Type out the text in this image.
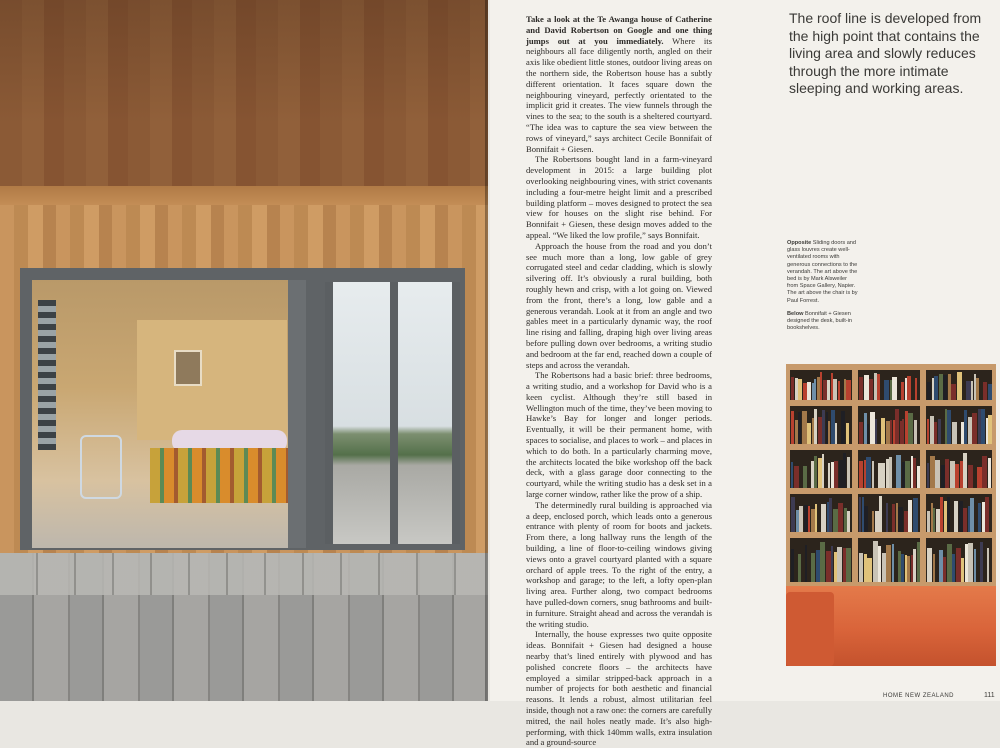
Take a look at the Te Awanga house of Catherine and David Robertson on Google and one thing jumps out at you immediately. Where its neighbours all face diligently north, angled on their axis like obedient little stones, outdoor living areas on the northern side, the Robertson house has a subtly different orientation. It faces square down the neighbouring vineyard, perfectly orientated to the implicit grid it creates. The view funnels through the vines to the sea; to the south is a sheltered courtyard. “The idea was to capture the sea view between the rows of vineyard,” says architect Cecile Bonnifait of Bonnifait + Giesen.

The Robertsons bought land in a farm-vineyard development in 2015: a large building plot overlooking neighbouring vines, with strict covenants including a four-metre height limit and a prescribed building platform – moves designed to protect the sea view for houses on the slight rise behind. For Bonnifait + Giesen, these design moves added to the appeal. “We liked the low profile,” says Bonnifait.

Approach the house from the road and you don’t see much more than a long, low gable of grey corrugated steel and cedar cladding, which is slowly silvering off. It’s obviously a rural building, both roughly hewn and crisp, with a lot going on. Viewed from the front, there’s a long, low gable and a generous verandah. Look at it from an angle and two gables meet in a particularly dynamic way, the roof line rising and falling, draping high over living areas before pulling down over bedrooms, a writing studio and bedroom at the far end, reached down a couple of steps and across the verandah.

The Robertsons had a basic brief: three bedrooms, a writing studio, and a workshop for David who is a keen cyclist. Although they’re still based in Wellington much of the time, they’ve been moving to Hawke’s Bay for longer and longer periods. Eventually, it will be their permanent home, with spaces to socialise, and places to work – and places in which to do both. In a particularly charming move, the architects located the bike workshop off the back deck, with a glass garage door connecting to the courtyard, while the writing studio has a desk set in a large corner window, rather like the prow of a ship.

The determinedly rural building is approached via a deep, enclosed porch, which leads onto a generous entrance with plenty of room for boots and jackets. From there, a long hallway runs the length of the building, a line of floor-to-ceiling windows giving views onto a gravel courtyard planted with a square orchard of apple trees. To the right of the entry, a workshop and garage; to the left, a lofty open-plan living area. Further along, two compact bedrooms have pulled-down corners, snug bathrooms and built-in furniture. Straight ahead and across the verandah is the writing studio.

Internally, the house expresses two quite opposite ideas. Bonnifait + Giesen had designed a house nearby that’s lined entirely with plywood and has polished concrete floors – the architects have employed a similar stripped-back approach in a number of projects for both aesthetic and financial reasons. It lends a robust, almost utilitarian feel inside, though not a raw one: the corners are carefully mitred, the nail holes neatly made. It’s also high-performing, with thick 140mm walls, extra insulation and a ground-source

The roof line is developed from the high point that contains the living area and slowly reduces through the more intimate sleeping and working areas.

Opposite Sliding doors and glass louvres create well-ventilated rooms with generous connections to the verandah. The art above the bed is by Mark Alsweiler from Space Gallery, Napier. The art above the chair is by Paul Forrest.

Below Bonnifait + Giesen designed the desk, built-in bookshelves.

HOME NEW ZEALAND	111
